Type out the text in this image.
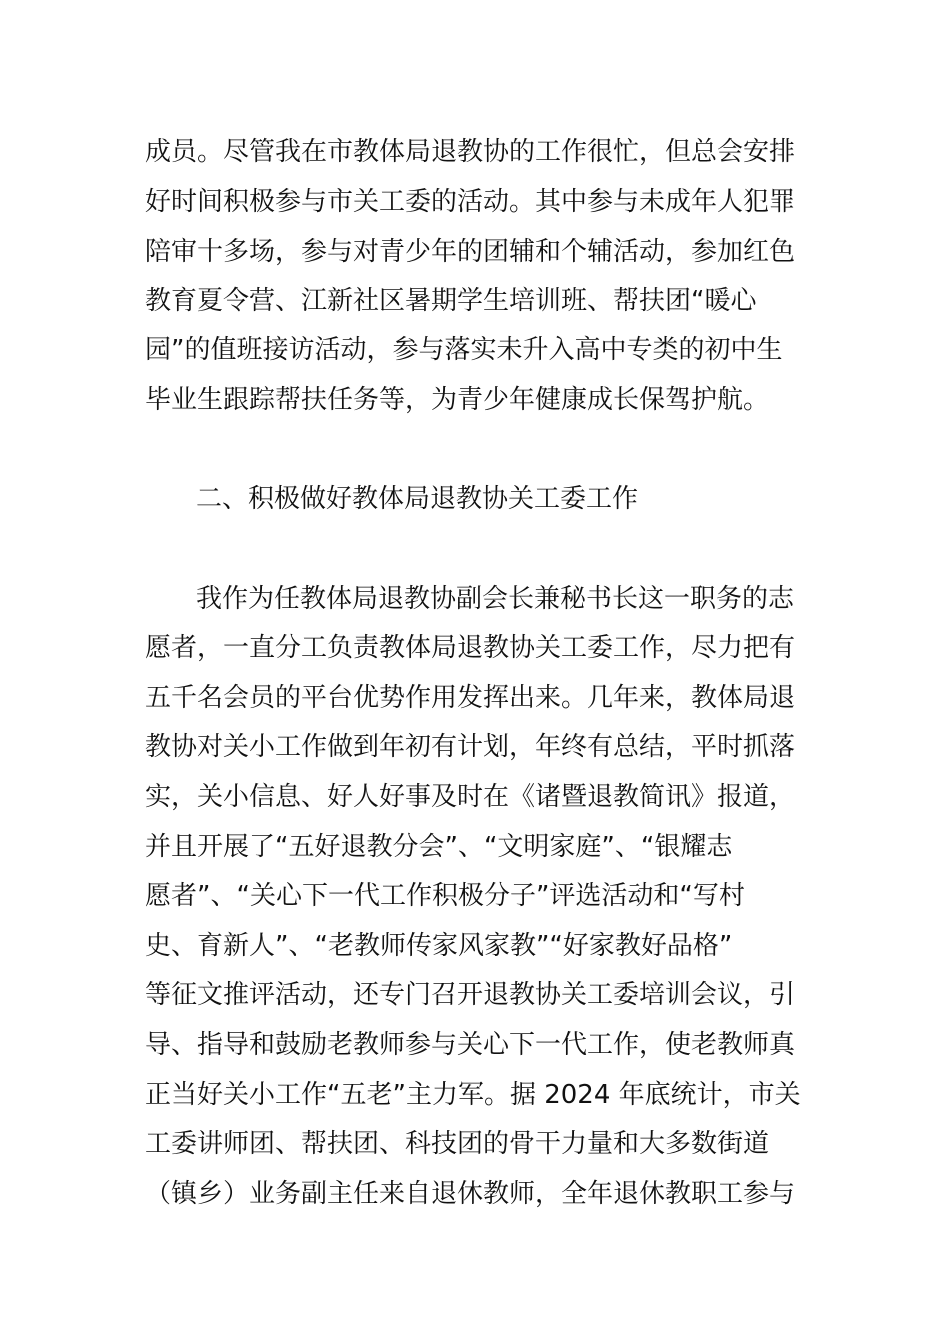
成员。尽管我在市教体局退教协的工作很忙，但总会安排
好时间积极参与市关工委的活动。其中参与未成年人犯罪
陪审十多场，参与对青少年的团辅和个辅活动，参加红色
教育夏令营、江新社区暑期学生培训班、帮扶团“暖心
园”的值班接访活动，参与落实未升入高中专类的初中生
毕业生跟踪帮扶任务等，为青少年健康成长保驾护航。
二、积极做好教体局退教协关工委工作
我作为任教体局退教协副会长兼秘书长这一职务的志
愿者，一直分工负责教体局退教协关工委工作，尽力把有
五千名会员的平台优势作用发挥出来。几年来，教体局退
教协对关小工作做到年初有计划，年终有总结，平时抓落
实，关小信息、好人好事及时在《诸暨退教简讯》报道，
并且开展了“五好退教分会”、“文明家庭”、“银耀志
愿者”、“关心下一代工作积极分子”评选活动和“写村
史、育新人”、“老教师传家风家教”“好家教好品格”
等征文推评活动，还专门召开退教协关工委培训会议，引
导、指导和鼓励老教师参与关心下一代工作，使老教师真
正当好关小工作“五老”主力军。据 2024 年底统计，市关
工委讲师团、帮扶团、科技团的骨干力量和大多数街道
（镇乡）业务副主任来自退休教师，全年退休教职工参与
